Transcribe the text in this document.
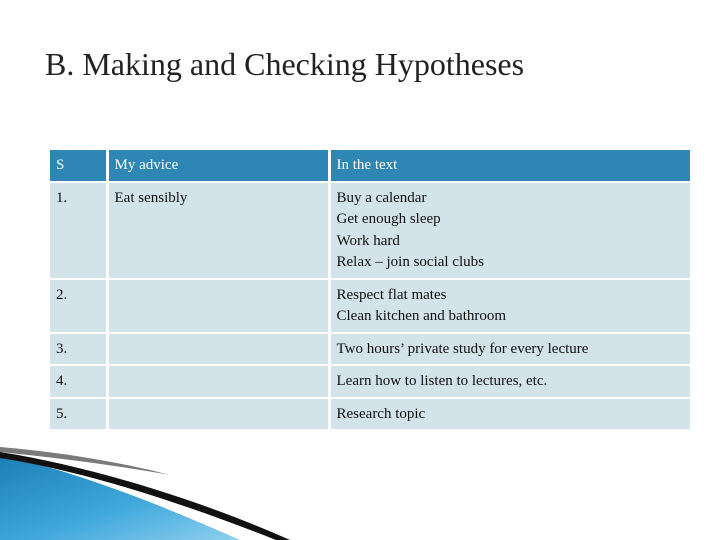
B. Making and Checking Hypotheses
S	My advice	In the text
1.	Eat sensibly	Buy a calendar
Get enough sleep
Work hard
Relax – join social clubs

2.		Respect flat mates
Clean kitchen and bathroom

3.		Two hours’ private study for every lecture

4.		Learn how to listen to lectures, etc.

5.		Research topic
